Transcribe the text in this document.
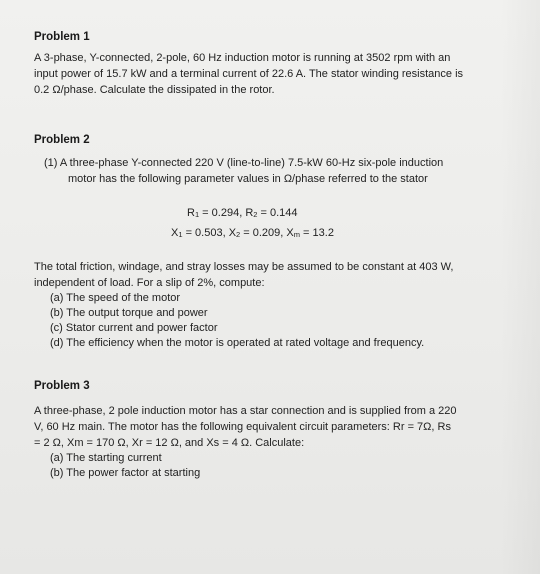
Problem 1
A 3-phase, Y-connected, 2-pole, 60 Hz induction motor is running at 3502 rpm with an
input power of 15.7 kW and a terminal current of 22.6 A. The stator winding resistance is
0.2 Ω/phase. Calculate the dissipated in the rotor.
Problem 2
(1) A three-phase Y-connected 220 V (line-to-line) 7.5-kW 60-Hz six-pole induction
motor has the following parameter values in Ω/phase referred to the stator
$R_1 = 0.294$, $R_2 = 0.144$
$X_1 = 0.503$, $X_2 = 0.209$, $X_m = 13.2$
The total friction, windage, and stray losses may be assumed to be constant at 403 W,
independent of load. For a slip of 2%, compute:
(a) The speed of the motor
(b) The output torque and power
(c) Stator current and power factor
(d) The efficiency when the motor is operated at rated voltage and frequency.
Problem 3
A three-phase, 2 pole induction motor has a star connection and is supplied from a 220
V, 60 Hz main. The motor has the following equivalent circuit parameters: Rr = 7Ω, Rs
= 2 Ω, Xm = 170 Ω, Xr = 12 Ω, and Xs = 4 Ω. Calculate:
(a) The starting current
(b) The power factor at starting
